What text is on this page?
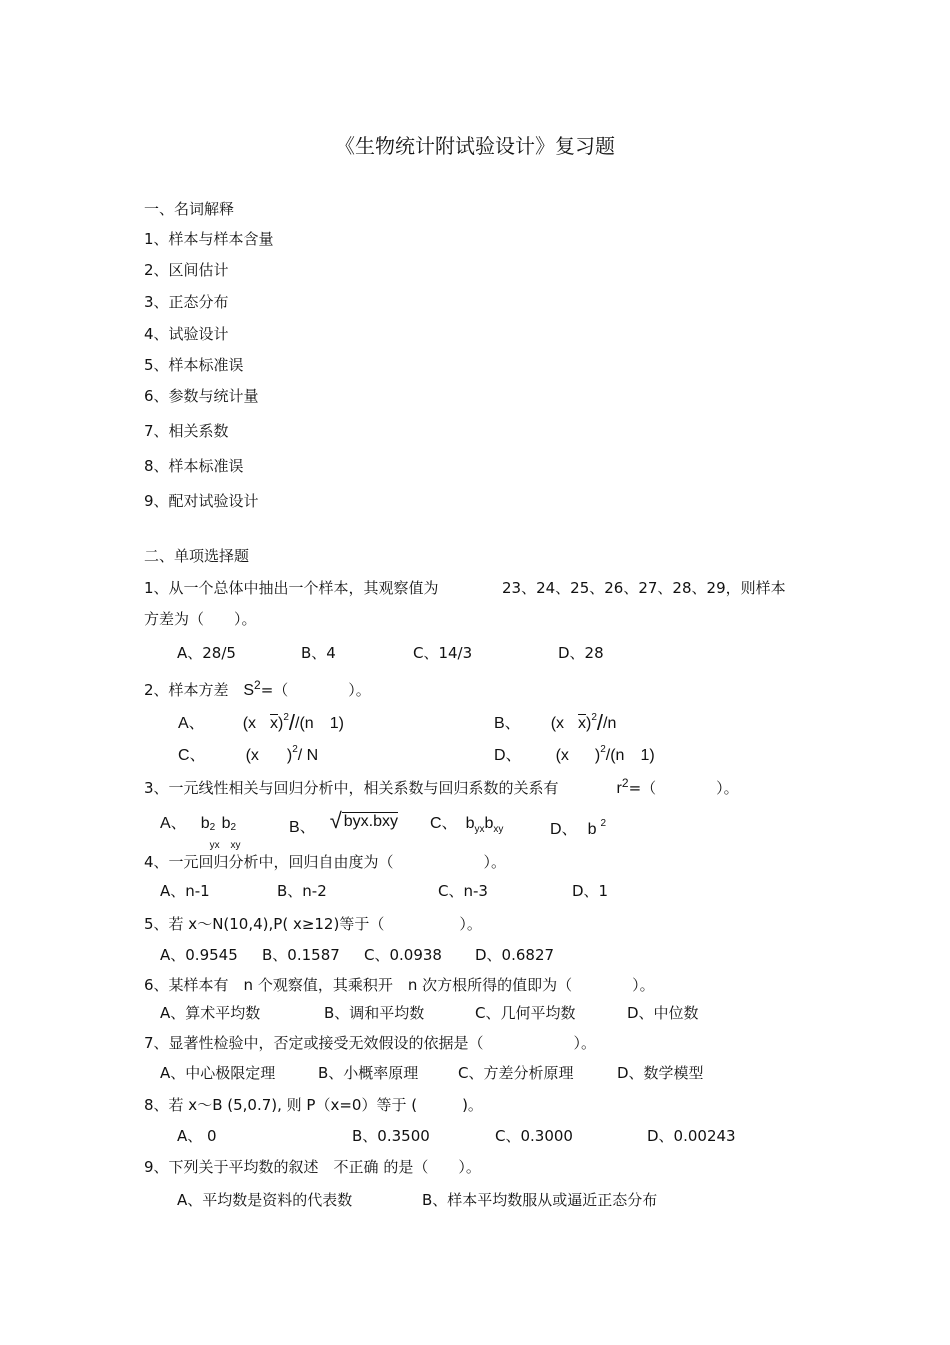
《生物统计附试验设计》复习题
一、名词解释
1、样本与样本含量
2、区间估计
3、正态分布
4、试验设计
5、样本标准误
6、参数与统计量
7、相关系数
8、样本标准误
9、配对试验设计
二、单项选择题
1、从一个总体中抽出一个样本，其观察值为	23、24、25、26、27、28、29，则样本
方差为（　　）。
A、28/5	B、4	C、14/3	D、28
2、样本方差 $S^2=$（　　　　）。
A、 (x $\overline{x})^2//(n$　1)	B、 (x $\overline{x})^2//n$
C、	(x )$^2$/ N	D、 (x )$^2$/(n　1)
3、一元线性相关与回归分析中，相关系数与回归系数的关系有	$r^2=$（　　　　）。
A、 b 2
yx
b 2
xy
B、 √ byx.bxy C、 $b_{yx}b_{xy}$	D、 b $^2$
4、一元回归分析中，回归自由度为（　　　　　　）。
A、n-1	B、n-2	C、n-3	D、1
5、若 x～N(10,4),P( x≥12)等于（　　　　　）。
A、0.9545 B、0.1587 C、0.0938 D、0.6827
6、某样本有　n 个观察值，其乘积开　n 次方根所得的值即为（　　　　）。
A、算术平均数	B、调和平均数	C、几何平均数	D、中位数
7、显著性检验中，否定或接受无效假设的依据是（　　　　　　）。
A、中心极限定理	B、小概率原理	C、方差分析原理	D、数学模型
8、若 x～B (5,0.7), 则 P（x=0）等于 (　　　)。
A、 0	B、0.3500	C、0.3000	D、0.00243
9、下列关于平均数的叙述　不正确 的是（　　）。
A、平均数是资料的代表数	B、样本平均数服从或逼近正态分布
